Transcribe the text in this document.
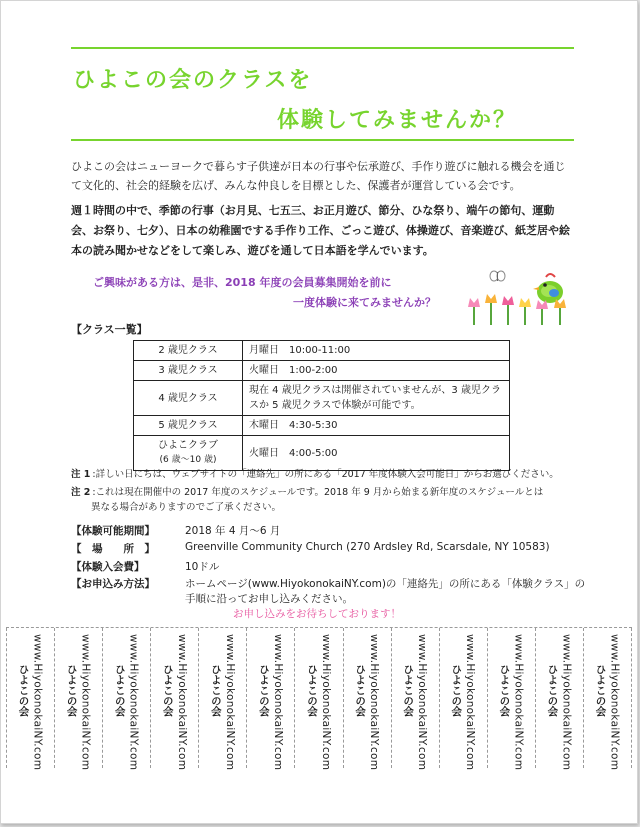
ひよこの会のクラスを
体験してみませんか？

ひよこの会はニューヨークで暮らす子供達が日本の行事や伝承遊び、手作り遊びに触れる機会を通じて文化的、社会的経験を広げ、みんな仲良しを目標とした、保護者が運営している会です。

週１時間の中で、季節の行事（お月見、七五三、お正月遊び、節分、ひな祭り、端午の節句、運動会、お祭り、七夕）、日本の幼稚園でする手作り工作、ごっこ遊び、体操遊び、音楽遊び、紙芝居や絵本の読み聞かせなどをして楽しみ、遊びを通して日本語を学んでいます。

ご興味がある方は、是非、2018 年度の会員募集開始を前に
一度体験に来てみませんか？
【クラス一覧】
2 歳児クラス	月曜日　10:00-11:00
3 歳児クラス	火曜日　1:00-2:00
4 歳児クラス	現在 4 歳児クラスは開催されていませんが、3 歳児クラスか 5 歳児クラスで体験が可能です。
5 歳児クラス	木曜日　4:30-5:30

ひよこクラブ
(6 歳～10 歳)	火曜日　4:00-5:00
注 1 :詳しい日にちは、ウェブサイトの「連絡先」の所にある「2017 年度体験入会可能日」からお選びください。
注 2 :これは現在開催中の 2017 年度のスケジュールです。2018 年 9 月から始まる新年度のスケジュールとは
異なる場合がありますのでご了承ください。
【体験可能期間】	2018 年 4 月～6 月
【　場　　所　】	Greenville Community Church (270 Ardsley Rd, Scarsdale, NY 10583)
【体験入会費】	10ドル
【お申込み方法】	ホームページ(www.HiyokonokaiNY.com)の「連絡先」の所にある「体験クラス」の
手順に沿ってお申し込みください。
お申し込みをお待ちしております！
www.HiyokonokaiNY.com
ひよこの会	www.HiyokonokaiNY.com
ひよこの会	www.HiyokonokaiNY.com
ひよこの会	www.HiyokonokaiNY.com
ひよこの会	www.HiyokonokaiNY.com
ひよこの会	www.HiyokonokaiNY.com
ひよこの会	www.HiyokonokaiNY.com
ひよこの会	www.HiyokonokaiNY.com
ひよこの会	www.HiyokonokaiNY.com
ひよこの会	www.HiyokonokaiNY.com
ひよこの会	www.HiyokonokaiNY.com
ひよこの会	www.HiyokonokaiNY.com
ひよこの会	www.HiyokonokaiNY.com
ひよこの会
